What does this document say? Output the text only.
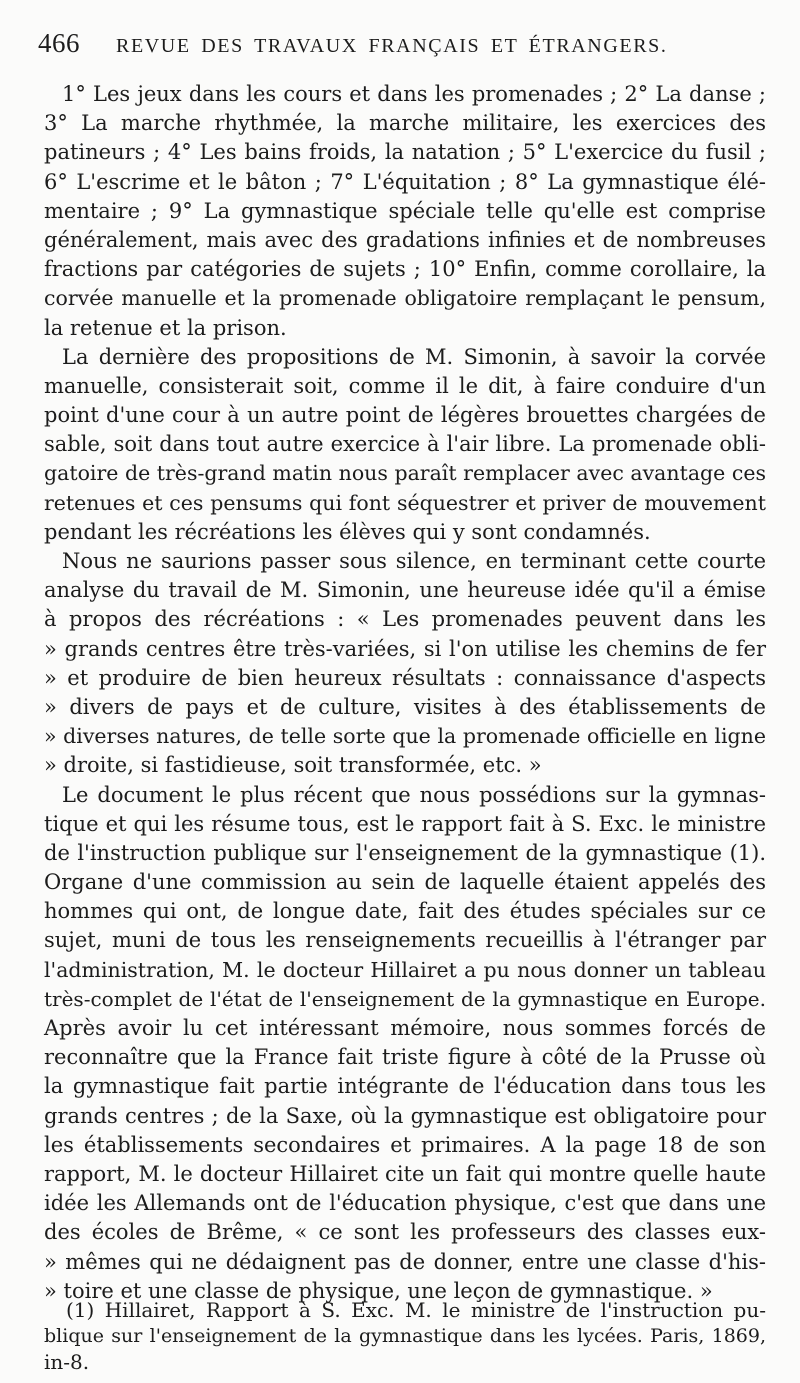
466 REVUE DES TRAVAUX FRANÇAIS ET ÉTRANGERS.
1° Les jeux dans les cours et dans les promenades ; 2° La danse ;
3° La marche rhythmée, la marche militaire, les exercices des
patineurs ; 4° Les bains froids, la natation ; 5° L'exercice du fusil ;
6° L'escrime et le bâton ; 7° L'équitation ; 8° La gymnastique élé-
mentaire ; 9° La gymnastique spéciale telle qu'elle est comprise
généralement, mais avec des gradations infinies et de nombreuses
fractions par catégories de sujets ; 10° Enfin, comme corollaire, la
corvée manuelle et la promenade obligatoire remplaçant le pensum,
la retenue et la prison.
La dernière des propositions de M. Simonin, à savoir la corvée
manuelle, consisterait soit, comme il le dit, à faire conduire d'un
point d'une cour à un autre point de légères brouettes chargées de
sable, soit dans tout autre exercice à l'air libre. La promenade obli-
gatoire de très-grand matin nous paraît remplacer avec avantage ces
retenues et ces pensums qui font séquestrer et priver de mouvement
pendant les récréations les élèves qui y sont condamnés.
Nous ne saurions passer sous silence, en terminant cette courte
analyse du travail de M. Simonin, une heureuse idée qu'il a émise
à propos des récréations : « Les promenades peuvent dans les
» grands centres être très-variées, si l'on utilise les chemins de fer
» et produire de bien heureux résultats : connaissance d'aspects
» divers de pays et de culture, visites à des établissements de
» diverses natures, de telle sorte que la promenade officielle en ligne
» droite, si fastidieuse, soit transformée, etc. »
Le document le plus récent que nous possédions sur la gymnas-
tique et qui les résume tous, est le rapport fait à S. Exc. le ministre
de l'instruction publique sur l'enseignement de la gymnastique (1).
Organe d'une commission au sein de laquelle étaient appelés des
hommes qui ont, de longue date, fait des études spéciales sur ce
sujet, muni de tous les renseignements recueillis à l'étranger par
l'administration, M. le docteur Hillairet a pu nous donner un tableau
très-complet de l'état de l'enseignement de la gymnastique en Europe.
Après avoir lu cet intéressant mémoire, nous sommes forcés de
reconnaître que la France fait triste figure à côté de la Prusse où
la gymnastique fait partie intégrante de l'éducation dans tous les
grands centres ; de la Saxe, où la gymnastique est obligatoire pour
les établissements secondaires et primaires. A la page 18 de son
rapport, M. le docteur Hillairet cite un fait qui montre quelle haute
idée les Allemands ont de l'éducation physique, c'est que dans une
des écoles de Brême, « ce sont les professeurs des classes eux-
» mêmes qui ne dédaignent pas de donner, entre une classe d'his-
» toire et une classe de physique, une leçon de gymnastique. »
(1) Hillairet, Rapport à S. Exc. M. le ministre de l'instruction pu-
blique sur l'enseignement de la gymnastique dans les lycées. Paris, 1869,
in-8.
